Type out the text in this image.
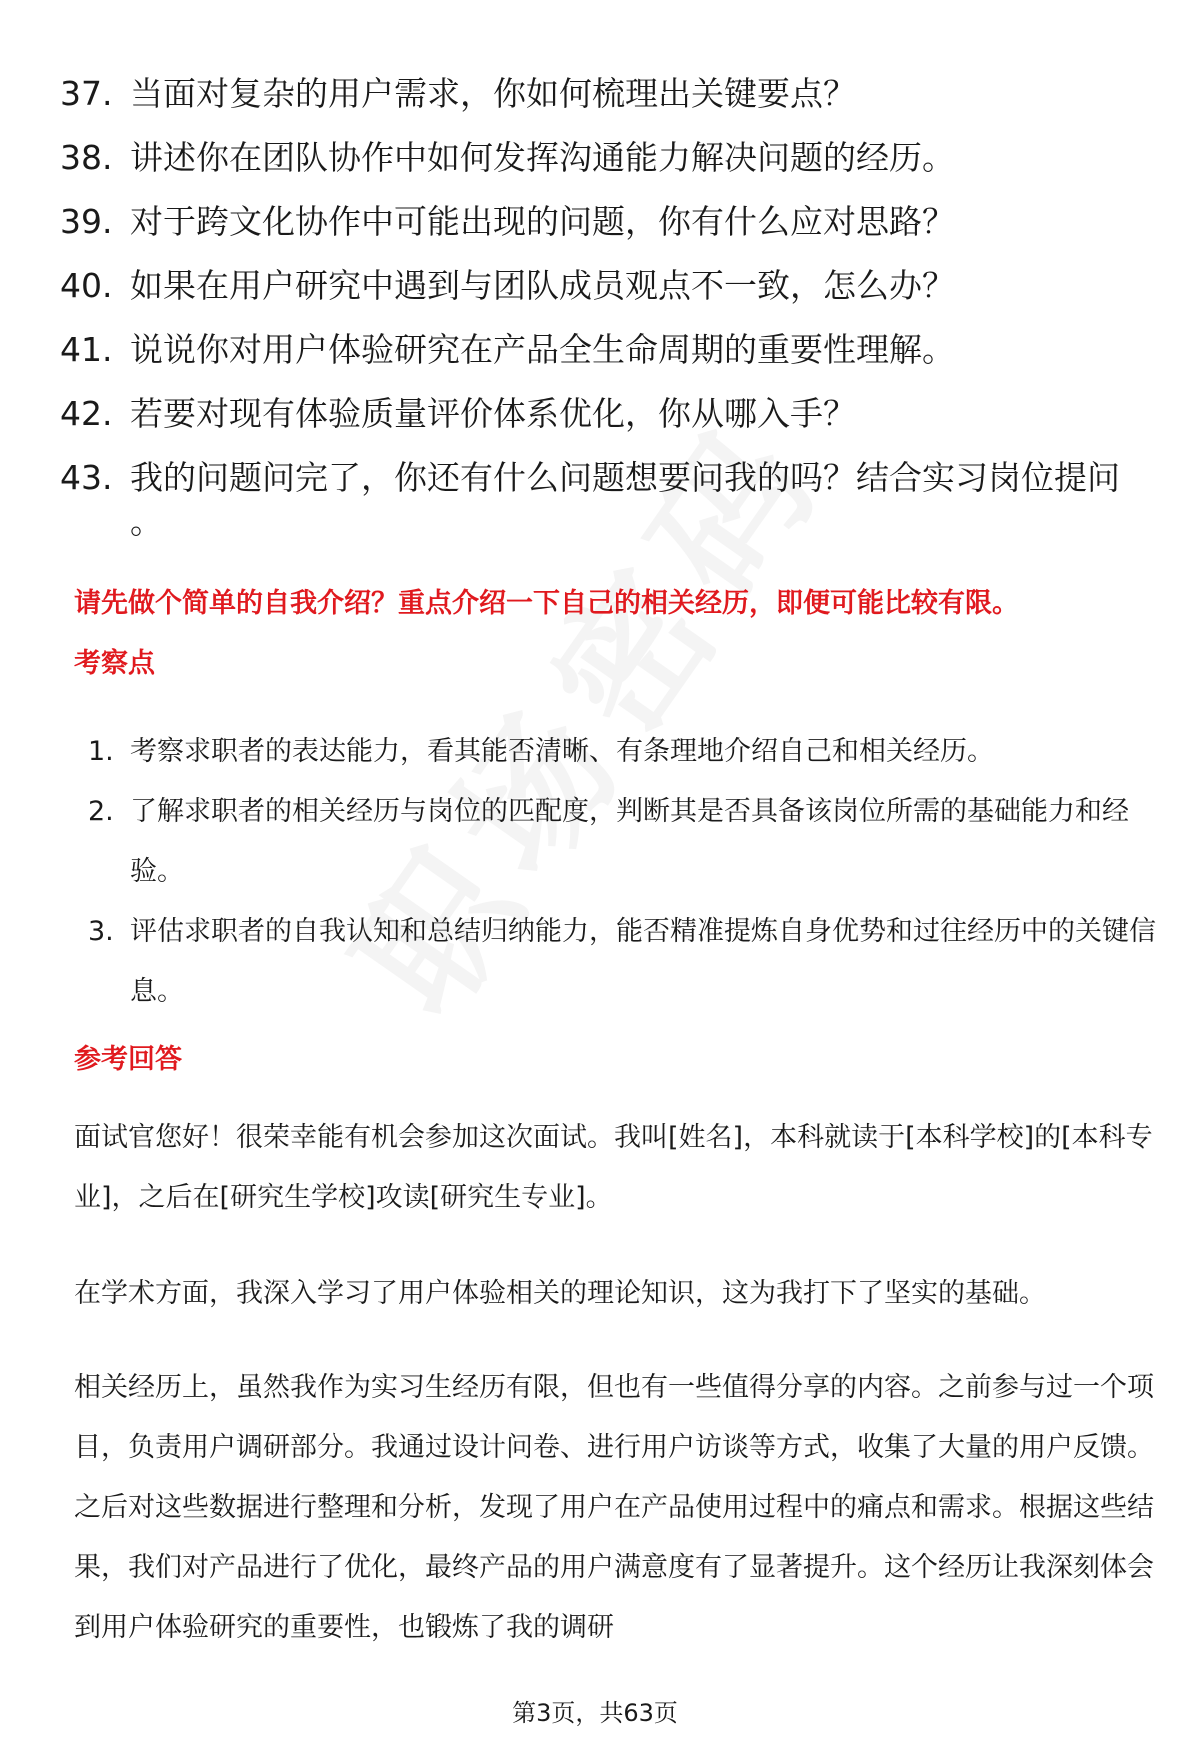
37. 当面对复杂的用户需求，你如何梳理出关键要点？
38. 讲述你在团队协作中如何发挥沟通能力解决问题的经历。
39. 对于跨文化协作中可能出现的问题，你有什么应对思路？
40. 如果在用户研究中遇到与团队成员观点不一致，怎么办？
41. 说说你对用户体验研究在产品全生命周期的重要性理解。
42. 若要对现有体验质量评价体系优化，你从哪入手？
43. 我的问题问完了，你还有什么问题想要问我的吗？结合实习岗位提问 。

请先做个简单的自我介绍？重点介绍一下自己的相关经历，即便可能比较有限。

考察点

1. 考察求职者的表达能力，看其能否清晰、有条理地介绍自己和相关经历。
2. 了解求职者的相关经历与岗位的匹配度，判断其是否具备该岗位所需的基础能力和经验。
3. 评估求职者的自我认知和总结归纳能力，能否精准提炼自身优势和过往经历中的关键信息。

参考回答

面试官您好！很荣幸能有机会参加这次面试。我叫[姓名]，本科就读于[本科学校]的[本科专业]，之后在[研究生学校]攻读[研究生专业]。

在学术方面，我深入学习了用户体验相关的理论知识，这为我打下了坚实的基础。

相关经历上，虽然我作为实习生经历有限，但也有一些值得分享的内容。之前参与过一个项目，负责用户调研部分。我通过设计问卷、进行用户访谈等方式，收集了大量的用户反馈。之后对这些数据进行整理和分析，发现了用户在产品使用过程中的痛点和需求。根据这些结果，我们对产品进行了优化，最终产品的用户满意度有了显著提升。这个经历让我深刻体会到用户体验研究的重要性，也锻炼了我的调研

第3页，共63页
